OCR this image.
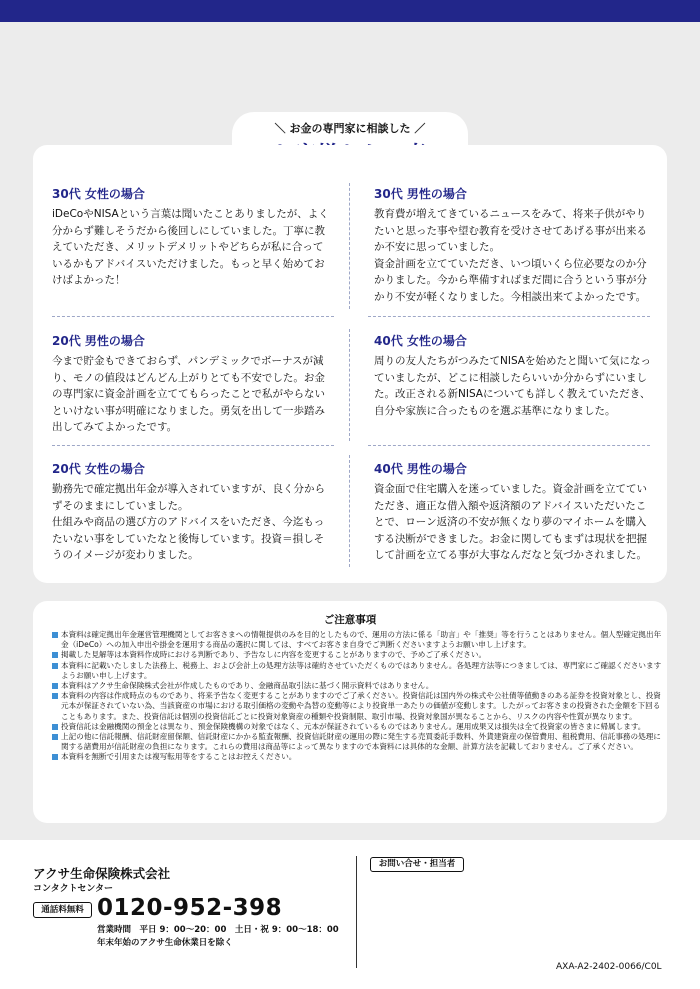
＼ お金の専門家に相談した ／
30代 女性の場合
iDeCoやNISAという言葉は聞いたことありましたが、よく
分からず難しそうだから後回しにしていました。丁寧に教
えていただき、メリットデメリットやどちらが私に合って
いるかもアドバイスいただけました。もっと早く始めてお
けばよかった！
30代 男性の場合
教育費が増えてきているニュースをみて、将来子供がやり
たいと思った事や望む教育を受けさせてあげる事が出来る
か不安に思っていました。
資金計画を立てていただき、いつ頃いくら位必要なのか分
かりました。今から準備すればまだ間に合うという事が分
かり不安が軽くなりました。今相談出来てよかったです。
20代 男性の場合
今まで貯金もできておらず、パンデミックでボーナスが減
り、モノの値段はどんどん上がりとても不安でした。お金
の専門家に資金計画を立ててもらったことで私がやらない
といけない事が明確になりました。勇気を出して一歩踏み
出してみてよかったです。
40代 女性の場合
周りの友人たちがつみたてNISAを始めたと聞いて気になっ
ていましたが、どこに相談したらいいか分からずにいまし
た。改正される新NISAについても詳しく教えていただき、
自分や家族に合ったものを選ぶ基準になりました。
20代 女性の場合
勤務先で確定拠出年金が導入されていますが、良く分から
ずそのままにしていました。
仕組みや商品の選び方のアドバイスをいただき、今迄もっ
たいない事をしていたなと後悔しています。投資＝損しそ
うのイメージが変わりました。
40代 男性の場合
資金面で住宅購入を迷っていました。資金計画を立ててい
ただき、適正な借入額や返済額のアドバイスいただいたこ
とで、ローン返済の不安が無くなり夢のマイホームを購入
する決断ができました。お金に関してもまずは現状を把握
して計画を立てる事が大事なんだなと気づかされました。
ご注意事項
本資料は確定拠出年金運営管理機関としてお客さまへの情報提供のみを目的としたもので、運用の方法に係る「助言」や「推奨」等を行うことはありません。個人型確定拠出年金（iDeCo）への加入申出や掛金を運用する商品の選択に関しては、すべてお客さま自身でご判断くださいますようお願い申し上げます。
掲載した見解等は本資料作成時における判断であり、予告なしに内容を変更することがありますので、予めご了承ください。
本資料に記載いたしました法務上、税務上、および会計上の処理方法等は確約させていただくものではありません。各処理方法等につきましては、専門家にご確認くださいますようお願い申し上げます。
本資料はアクサ生命保険株式会社が作成したものであり、金融商品取引法に基づく開示資料ではありません。
本資料の内容は作成時点のものであり、将来予告なく変更することがありますのでご了承ください。投資信託は国内外の株式や公社債等値動きのある証券を投資対象とし、投資元本が保証されていない為、当該資産の市場における取引価格の変動や為替の変動等により投資単一あたりの価値が変動します。したがってお客さまの投資された金額を下回ることもあります。また、投資信託は個別の投資信託ごとに投資対象資産の種類や投資制限、取引市場、投資対象国が異なることから、リスクの内容や性質が異なります。
投資信託は金融機関の預金とは異なり、預金保険機構の対象ではなく、元本が保証されているものではありません。運用成果又は損失は全て投資家の皆さまに帰属します。
上記の他に信託報酬、信託財産留保額、信託財産にかかる監査報酬、投資信託財産の運用の際に発生する売買委託手数料、外貨建資産の保管費用、租税費用、信託事務の処理に関する諸費用が信託財産の負担になります。これらの費用は商品等によって異なりますので本資料には具体的な金額、計算方法を記載しておりません。ご了承ください。
本資料を無断で引用または複写転用等をすることはお控えください。
アクサ生命保険株式会社
コンタクトセンター
通話料無料 0120-952-398
営業時間　平日 9：00〜20：00　土日・祝 9：00〜18：00
年末年始のアクサ生命休業日を除く
お問い合せ・担当者
AXA-A2-2402-0066/C0L
